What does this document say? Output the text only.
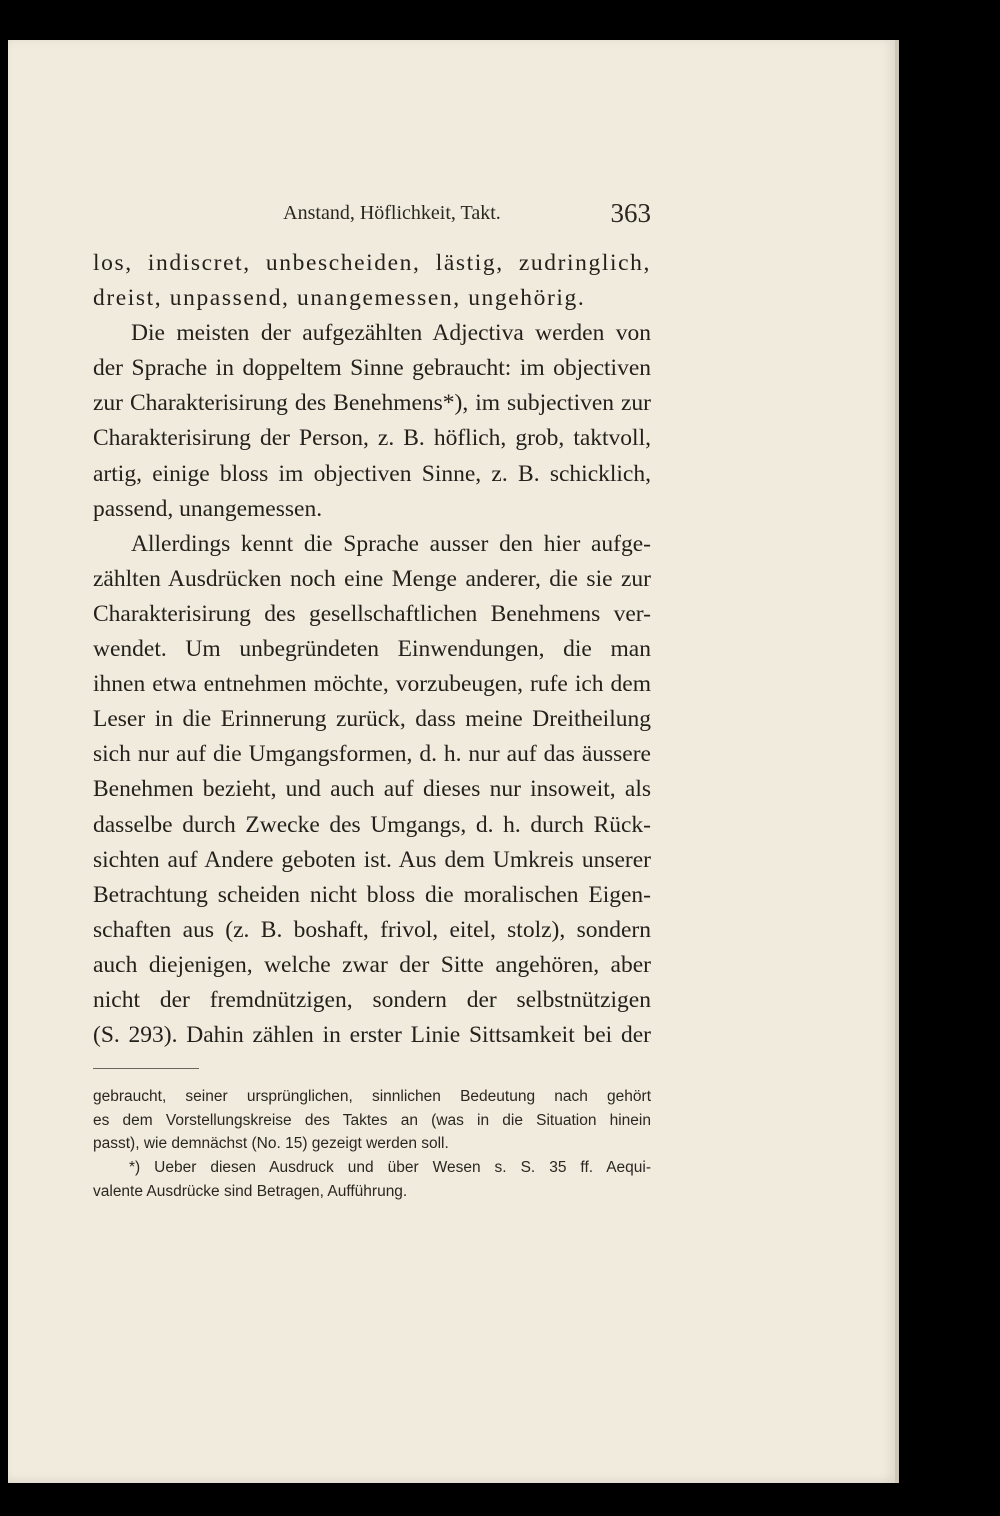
Anstand, Höflichkeit, Takt.	363
los, indiscret, unbescheiden, lästig, zudringlich,
dreist, unpassend, unangemessen, ungehörig.
Die meisten der aufgezählten Adjectiva werden von
der Sprache in doppeltem Sinne gebraucht: im objectiven
zur Charakterisirung des Benehmens*), im subjectiven zur
Charakterisirung der Person, z. B. höflich, grob, taktvoll,
artig, einige bloss im objectiven Sinne, z. B. schicklich,
passend, unangemessen.
Allerdings kennt die Sprache ausser den hier aufge-
zählten Ausdrücken noch eine Menge anderer, die sie zur
Charakterisirung des gesellschaftlichen Benehmens ver-
wendet. Um unbegründeten Einwendungen, die man
ihnen etwa entnehmen möchte, vorzubeugen, rufe ich dem
Leser in die Erinnerung zurück, dass meine Dreitheilung
sich nur auf die Umgangsformen, d. h. nur auf das äussere
Benehmen bezieht, und auch auf dieses nur insoweit, als
dasselbe durch Zwecke des Umgangs, d. h. durch Rück-
sichten auf Andere geboten ist. Aus dem Umkreis unserer
Betrachtung scheiden nicht bloss die moralischen Eigen-
schaften aus (z. B. boshaft, frivol, eitel, stolz), sondern
auch diejenigen, welche zwar der Sitte angehören, aber
nicht der fremdnützigen, sondern der selbstnützigen
(S. 293). Dahin zählen in erster Linie Sittsamkeit bei der
gebraucht, seiner ursprünglichen, sinnlichen Bedeutung nach gehört
es dem Vorstellungskreise des Taktes an (was in die Situation hinein
passt), wie demnächst (No. 15) gezeigt werden soll.
*) Ueber diesen Ausdruck und über Wesen s. S. 35 ff. Aequi-
valente Ausdrücke sind Betragen, Aufführung.
